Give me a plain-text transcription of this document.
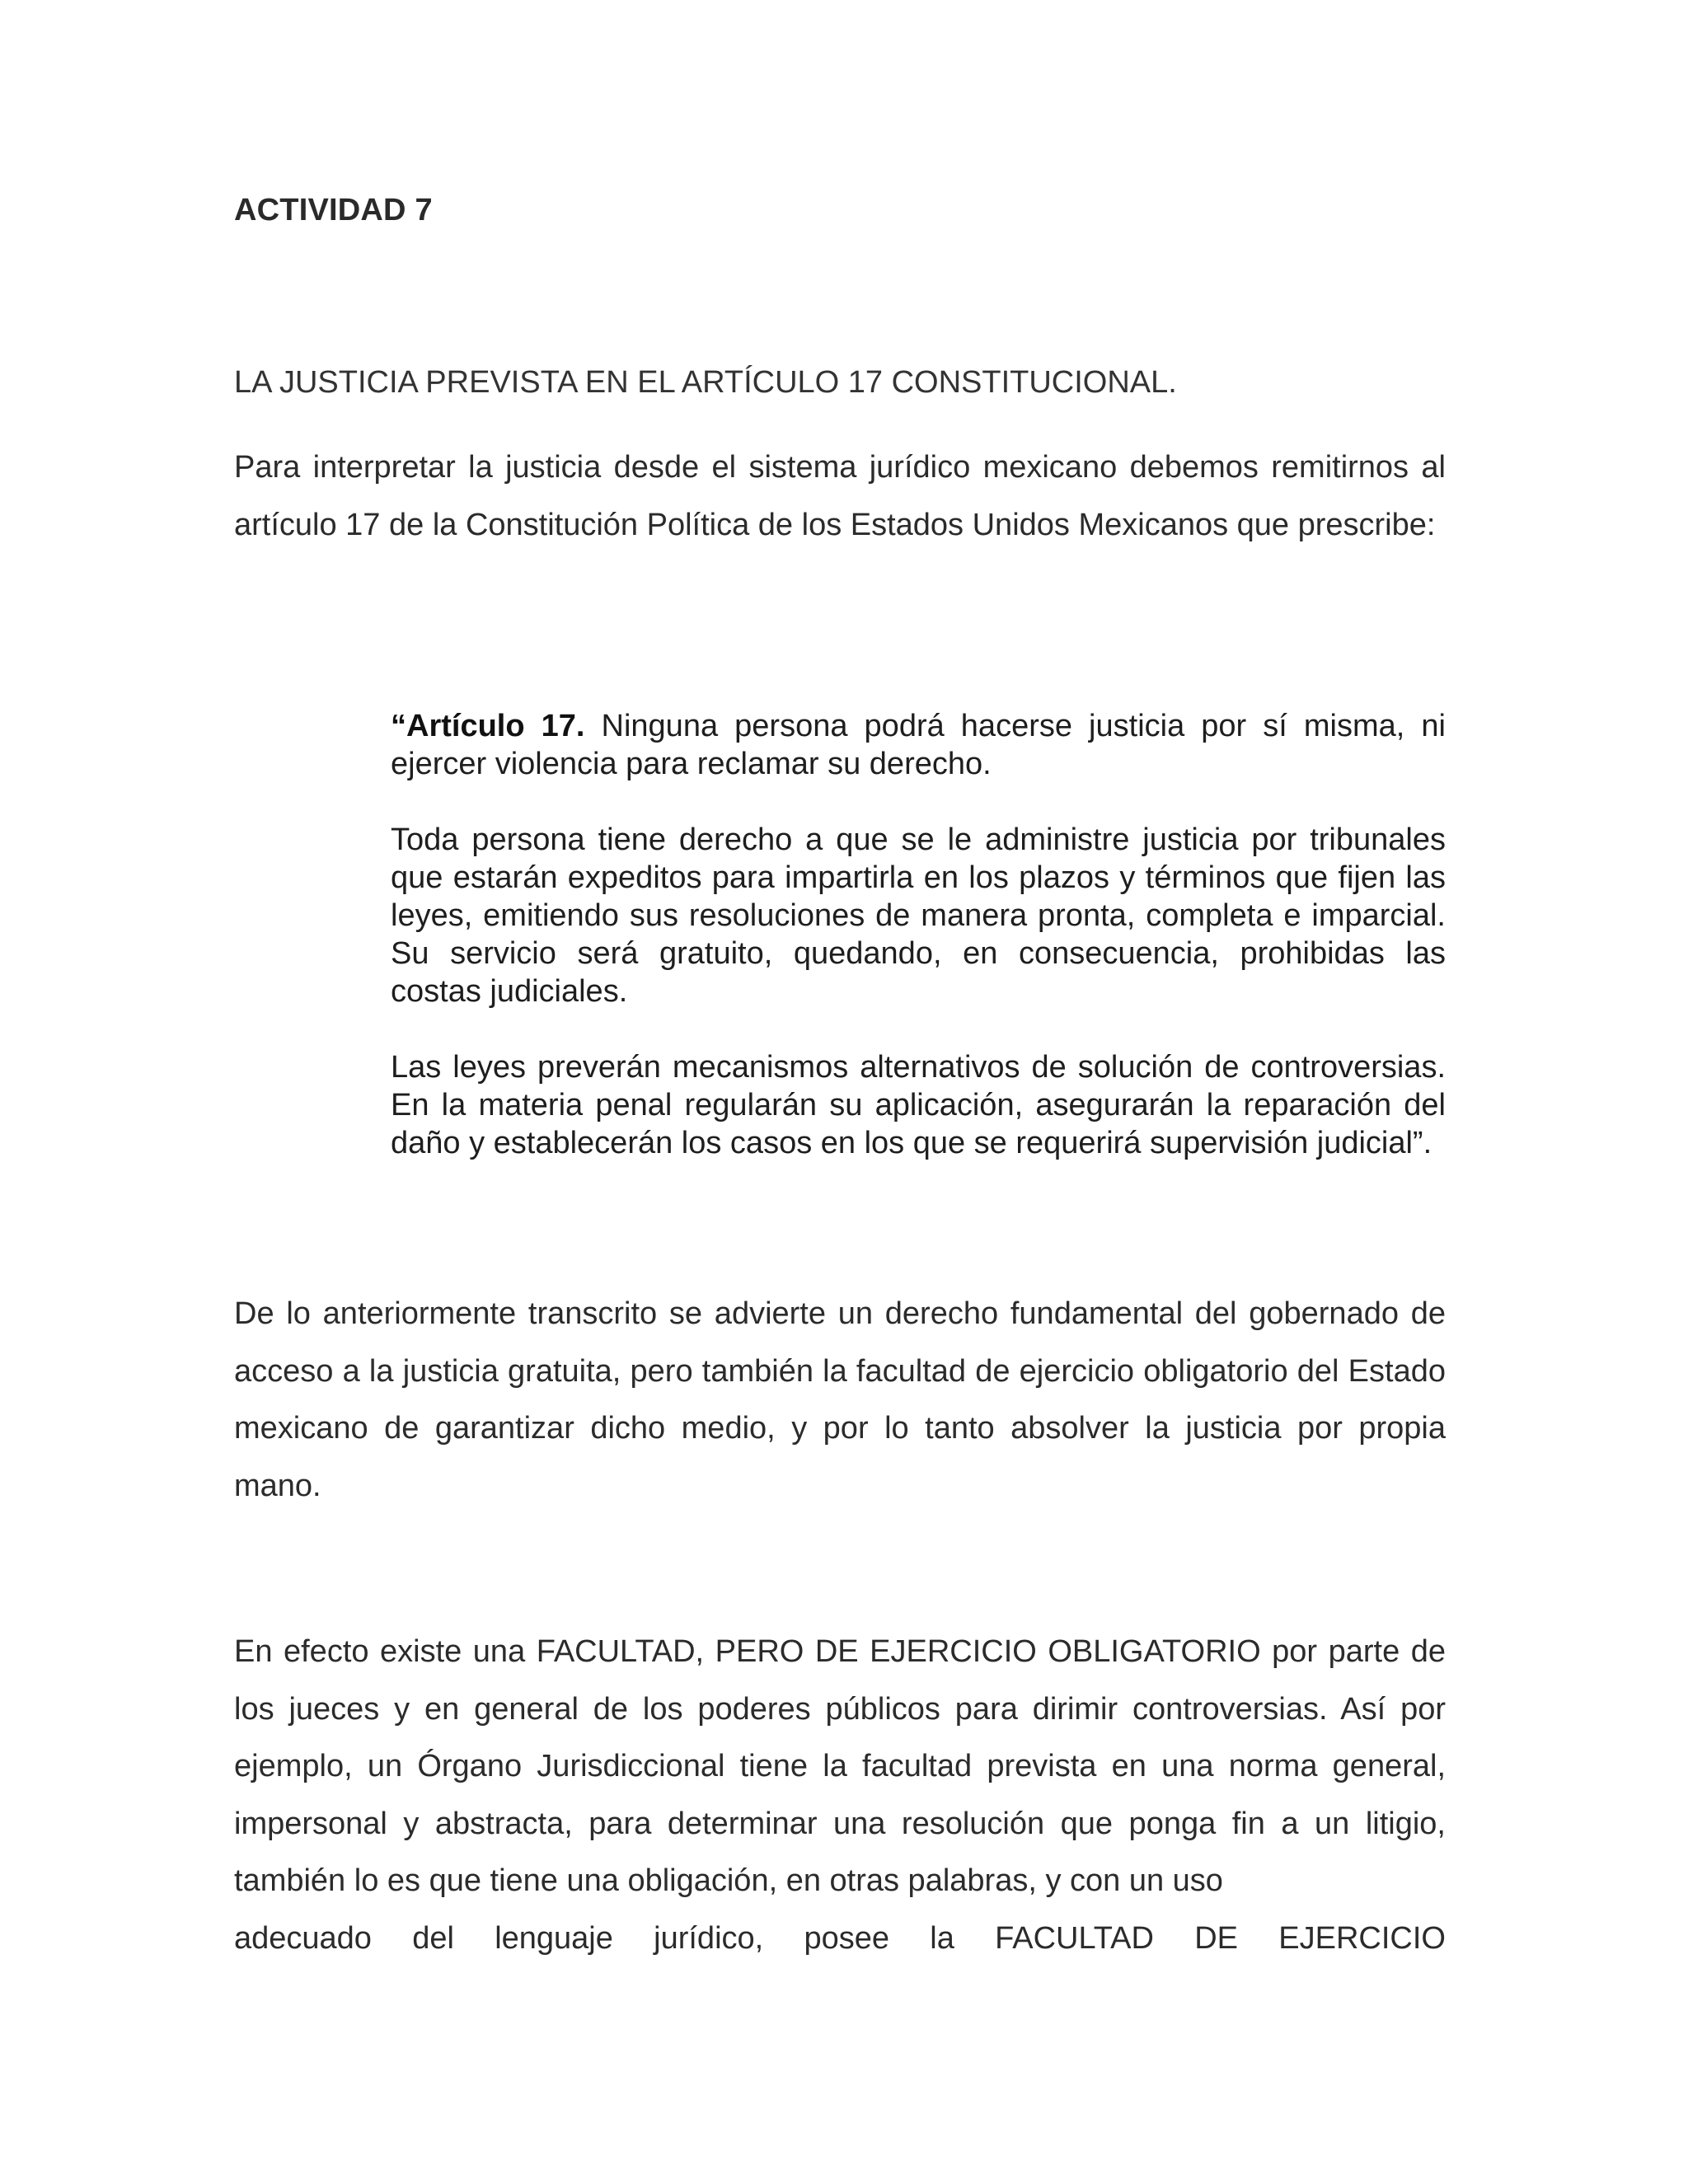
ACTIVIDAD 7
LA JUSTICIA PREVISTA EN EL ARTÍCULO 17 CONSTITUCIONAL.

Para interpretar la justicia desde el sistema jurídico mexicano debemos remitirnos al artículo 17 de la Constitución Política de los Estados Unidos Mexicanos que prescribe:

“Artículo 17. Ninguna persona podrá hacerse justicia por sí misma, ni ejercer violencia para reclamar su derecho.

Toda persona tiene derecho a que se le administre justicia por tribunales que estarán expeditos para impartirla en los plazos y términos que fijen las leyes, emitiendo sus resoluciones de manera pronta, completa e imparcial. Su servicio será gratuito, quedando, en consecuencia, prohibidas las costas judiciales.

Las leyes preverán mecanismos alternativos de solución de controversias. En la materia penal regularán su aplicación, asegurarán la reparación del daño y establecerán los casos en los que se requerirá supervisión judicial”.

De lo anteriormente transcrito se advierte un derecho fundamental del gobernado de acceso a la justicia gratuita, pero también la facultad de ejercicio obligatorio del Estado mexicano de garantizar dicho medio, y por lo tanto absolver la justicia por propia mano.

En efecto existe una FACULTAD, PERO DE EJERCICIO OBLIGATORIO por parte de los jueces y en general de los poderes públicos para dirimir controversias. Así por ejemplo, un Órgano Jurisdiccional tiene la facultad prevista en una norma general, impersonal y abstracta, para determinar una resolución que ponga fin a un litigio, también lo es que tiene una obligación, en otras palabras, y con un uso
adecuado del lenguaje jurídico, posee la FACULTAD DE EJERCICIO
